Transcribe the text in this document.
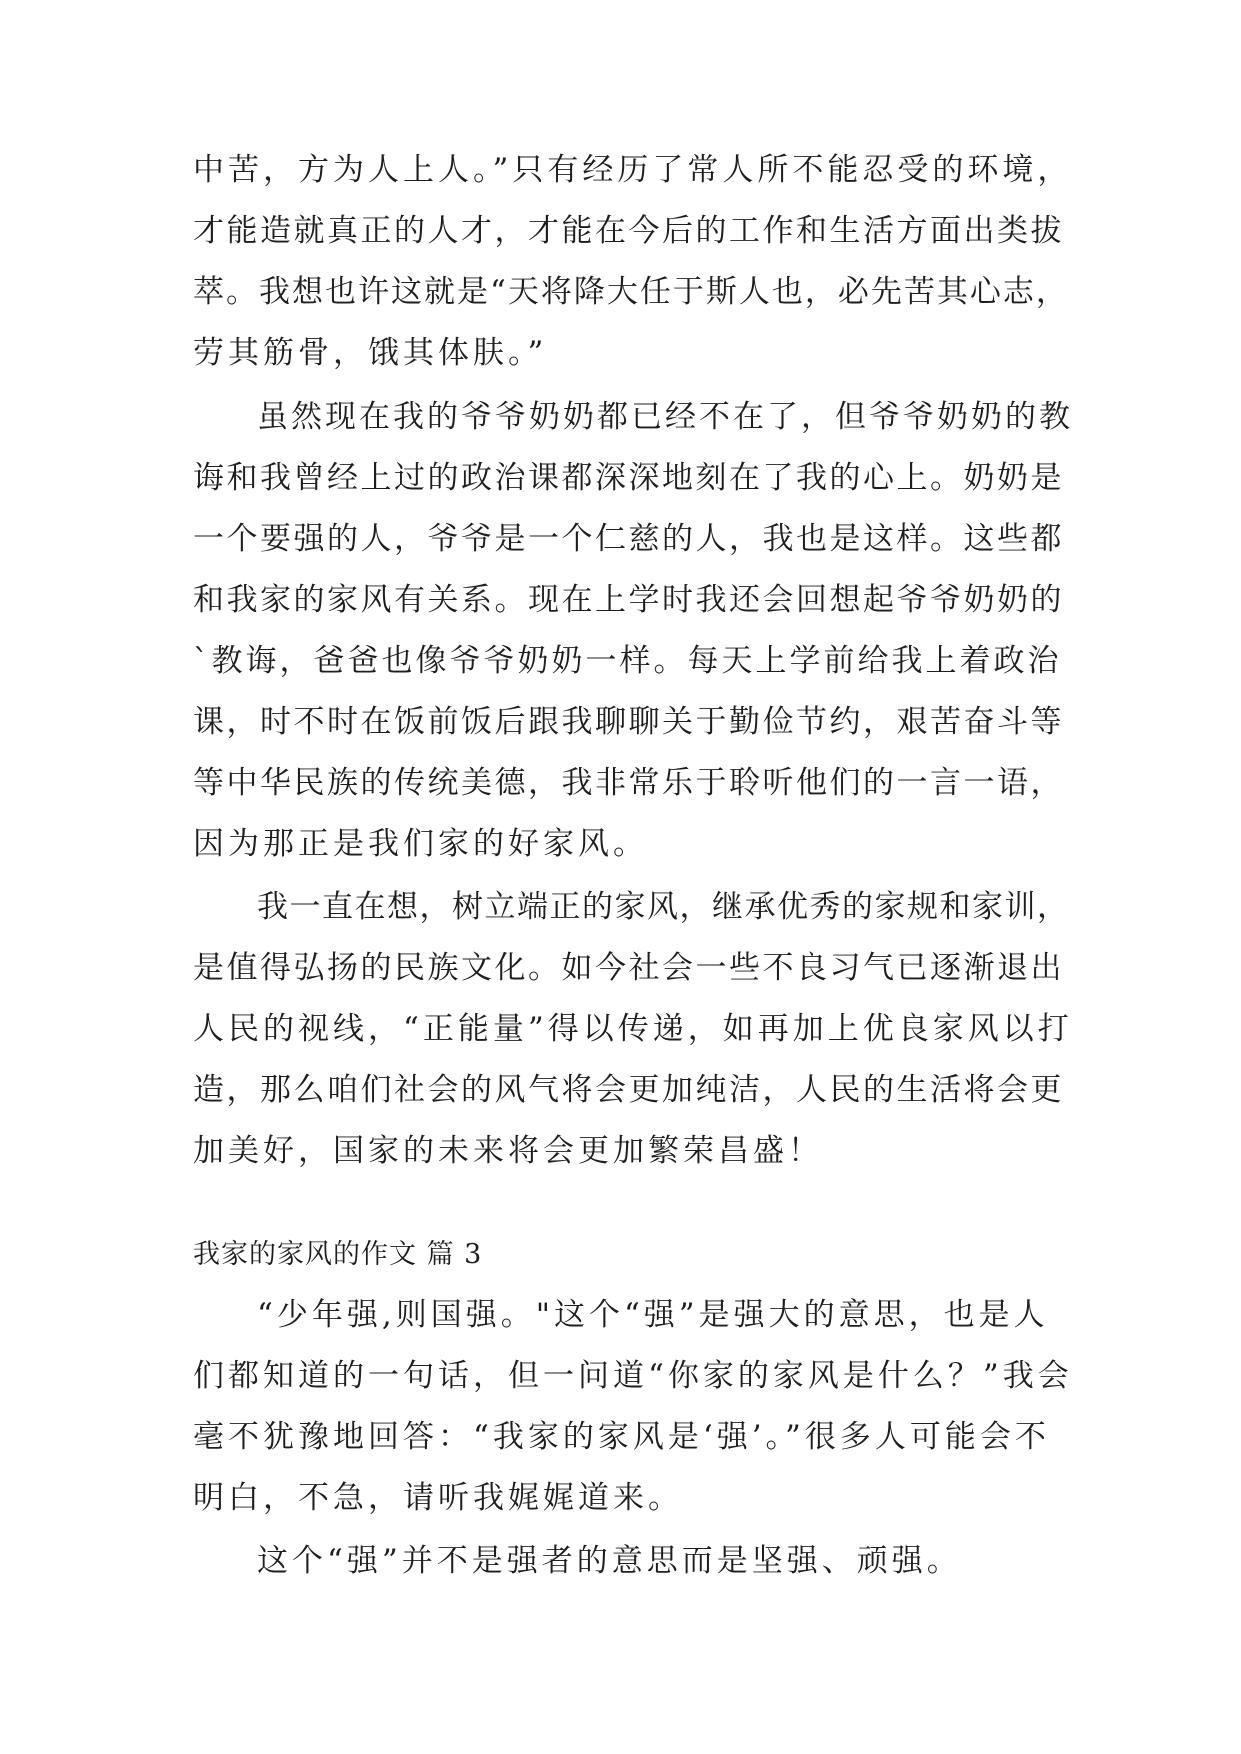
中苦，方为人上人。”只有经历了常人所不能忍受的环境，
才能造就真正的人才，才能在今后的工作和生活方面出类拔
萃。我想也许这就是“天将降大任于斯人也，必先苦其心志，
劳其筋骨，饿其体肤。”
虽然现在我的爷爷奶奶都已经不在了，但爷爷奶奶的教
诲和我曾经上过的政治课都深深地刻在了我的心上。奶奶是
一个要强的人，爷爷是一个仁慈的人，我也是这样。这些都
和我家的家风有关系。现在上学时我还会回想起爷爷奶奶的
`教诲，爸爸也像爷爷奶奶一样。每天上学前给我上着政治
课，时不时在饭前饭后跟我聊聊关于勤俭节约，艰苦奋斗等
等中华民族的传统美德，我非常乐于聆听他们的一言一语，
因为那正是我们家的好家风。
我一直在想，树立端正的家风，继承优秀的家规和家训，
是值得弘扬的民族文化。如今社会一些不良习气已逐渐退出
人民的视线，“正能量”得以传递，如再加上优良家风以打
造，那么咱们社会的风气将会更加纯洁，人民的生活将会更
加美好，国家的未来将会更加繁荣昌盛！
我家的家风的作文 篇 3
“少年强,则国强。"这个“强”是强大的意思，也是人
们都知道的一句话，但一问道“你家的家风是什么？”我会
毫不犹豫地回答：“我家的家风是‘强’。”很多人可能会不
明白，不急，请听我娓娓道来。
这个“强”并不是强者的意思而是坚强、顽强。
